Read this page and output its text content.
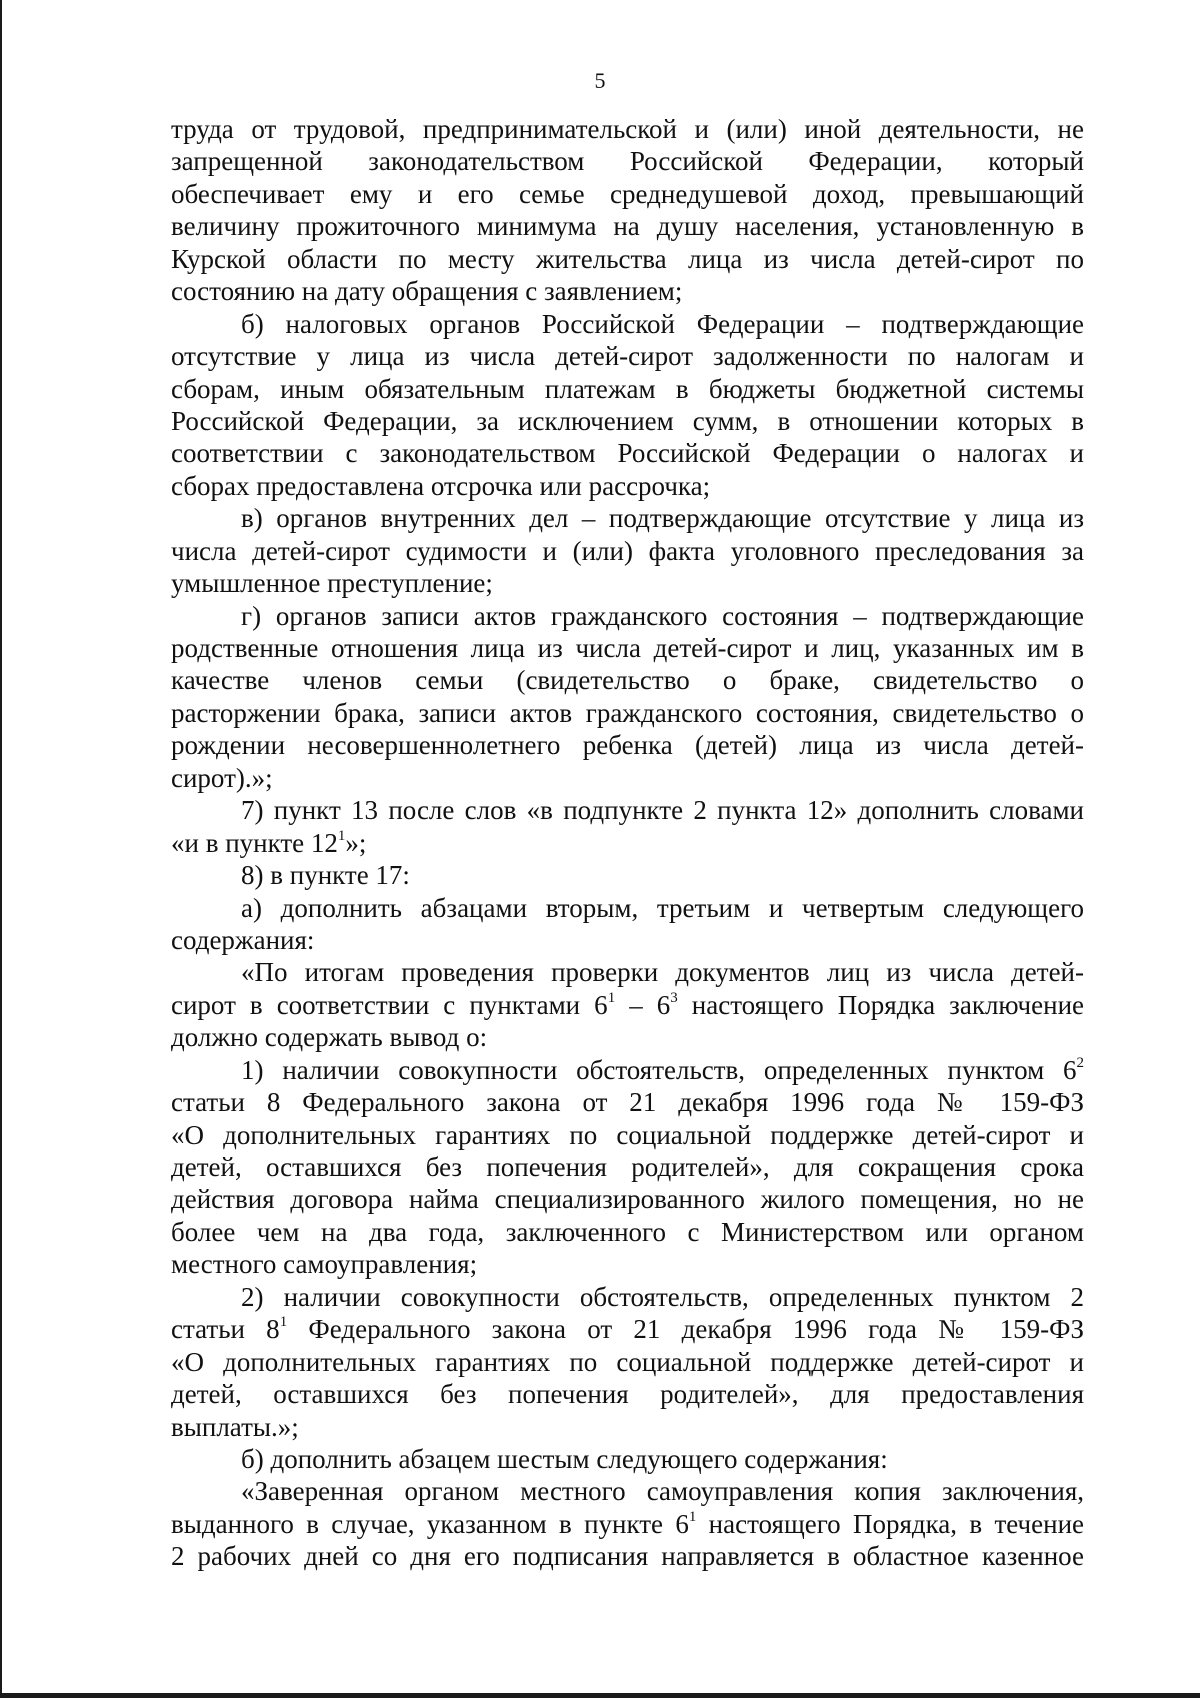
5
труда от трудовой, предпринимательской и (или) иной деятельности, не
запрещенной законодательством Российской Федерации, который
обеспечивает ему и его семье среднедушевой доход, превышающий
величину прожиточного минимума на душу населения, установленную в
Курской области по месту жительства лица из числа детей-сирот по
состоянию на дату обращения с заявлением;
б) налоговых органов Российской Федерации – подтверждающие
отсутствие у лица из числа детей-сирот задолженности по налогам и
сборам, иным обязательным платежам в бюджеты бюджетной системы
Российской Федерации, за исключением сумм, в отношении которых в
соответствии с законодательством Российской Федерации о налогах и
сборах предоставлена отсрочка или рассрочка;
в) органов внутренних дел – подтверждающие отсутствие у лица из
числа детей-сирот судимости и (или) факта уголовного преследования за
умышленное преступление;
г) органов записи актов гражданского состояния – подтверждающие
родственные отношения лица из числа детей-сирот и лиц, указанных им в
качестве членов семьи (свидетельство о браке, свидетельство о
расторжении брака, записи актов гражданского состояния, свидетельство о
рождении несовершеннолетнего ребенка (детей) лица из числа детей-
сирот).»;
7) пункт 13 после слов «в подпункте 2 пункта 12» дополнить словами
«и в пункте $12^1$»;
8) в пункте 17:
а) дополнить абзацами вторым, третьим и четвертым следующего
содержания:
«По итогам проведения проверки документов лиц из числа детей-
сирот в соответствии с пунктами $6^1 - 6^3$ настоящего Порядка заключение
должно содержать вывод о:
1) наличии совокупности обстоятельств, определенных пунктом $6^2$
статьи 8 Федерального закона от 21 декабря 1996 года № 159-ФЗ
«О дополнительных гарантиях по социальной поддержке детей-сирот и
детей, оставшихся без попечения родителей», для сокращения срока
действия договора найма специализированного жилого помещения, но не
более чем на два года, заключенного с Министерством или органом
местного самоуправления;
2) наличии совокупности обстоятельств, определенных пунктом 2
статьи $8^1$ Федерального закона от 21 декабря 1996 года № 159-ФЗ
«О дополнительных гарантиях по социальной поддержке детей-сирот и
детей, оставшихся без попечения родителей», для предоставления
выплаты.»;
б) дополнить абзацем шестым следующего содержания:
«Заверенная органом местного самоуправления копия заключения,
выданного в случае, указанном в пункте $6^1$ настоящего Порядка, в течение
2 рабочих дней со дня его подписания направляется в областное казенное
